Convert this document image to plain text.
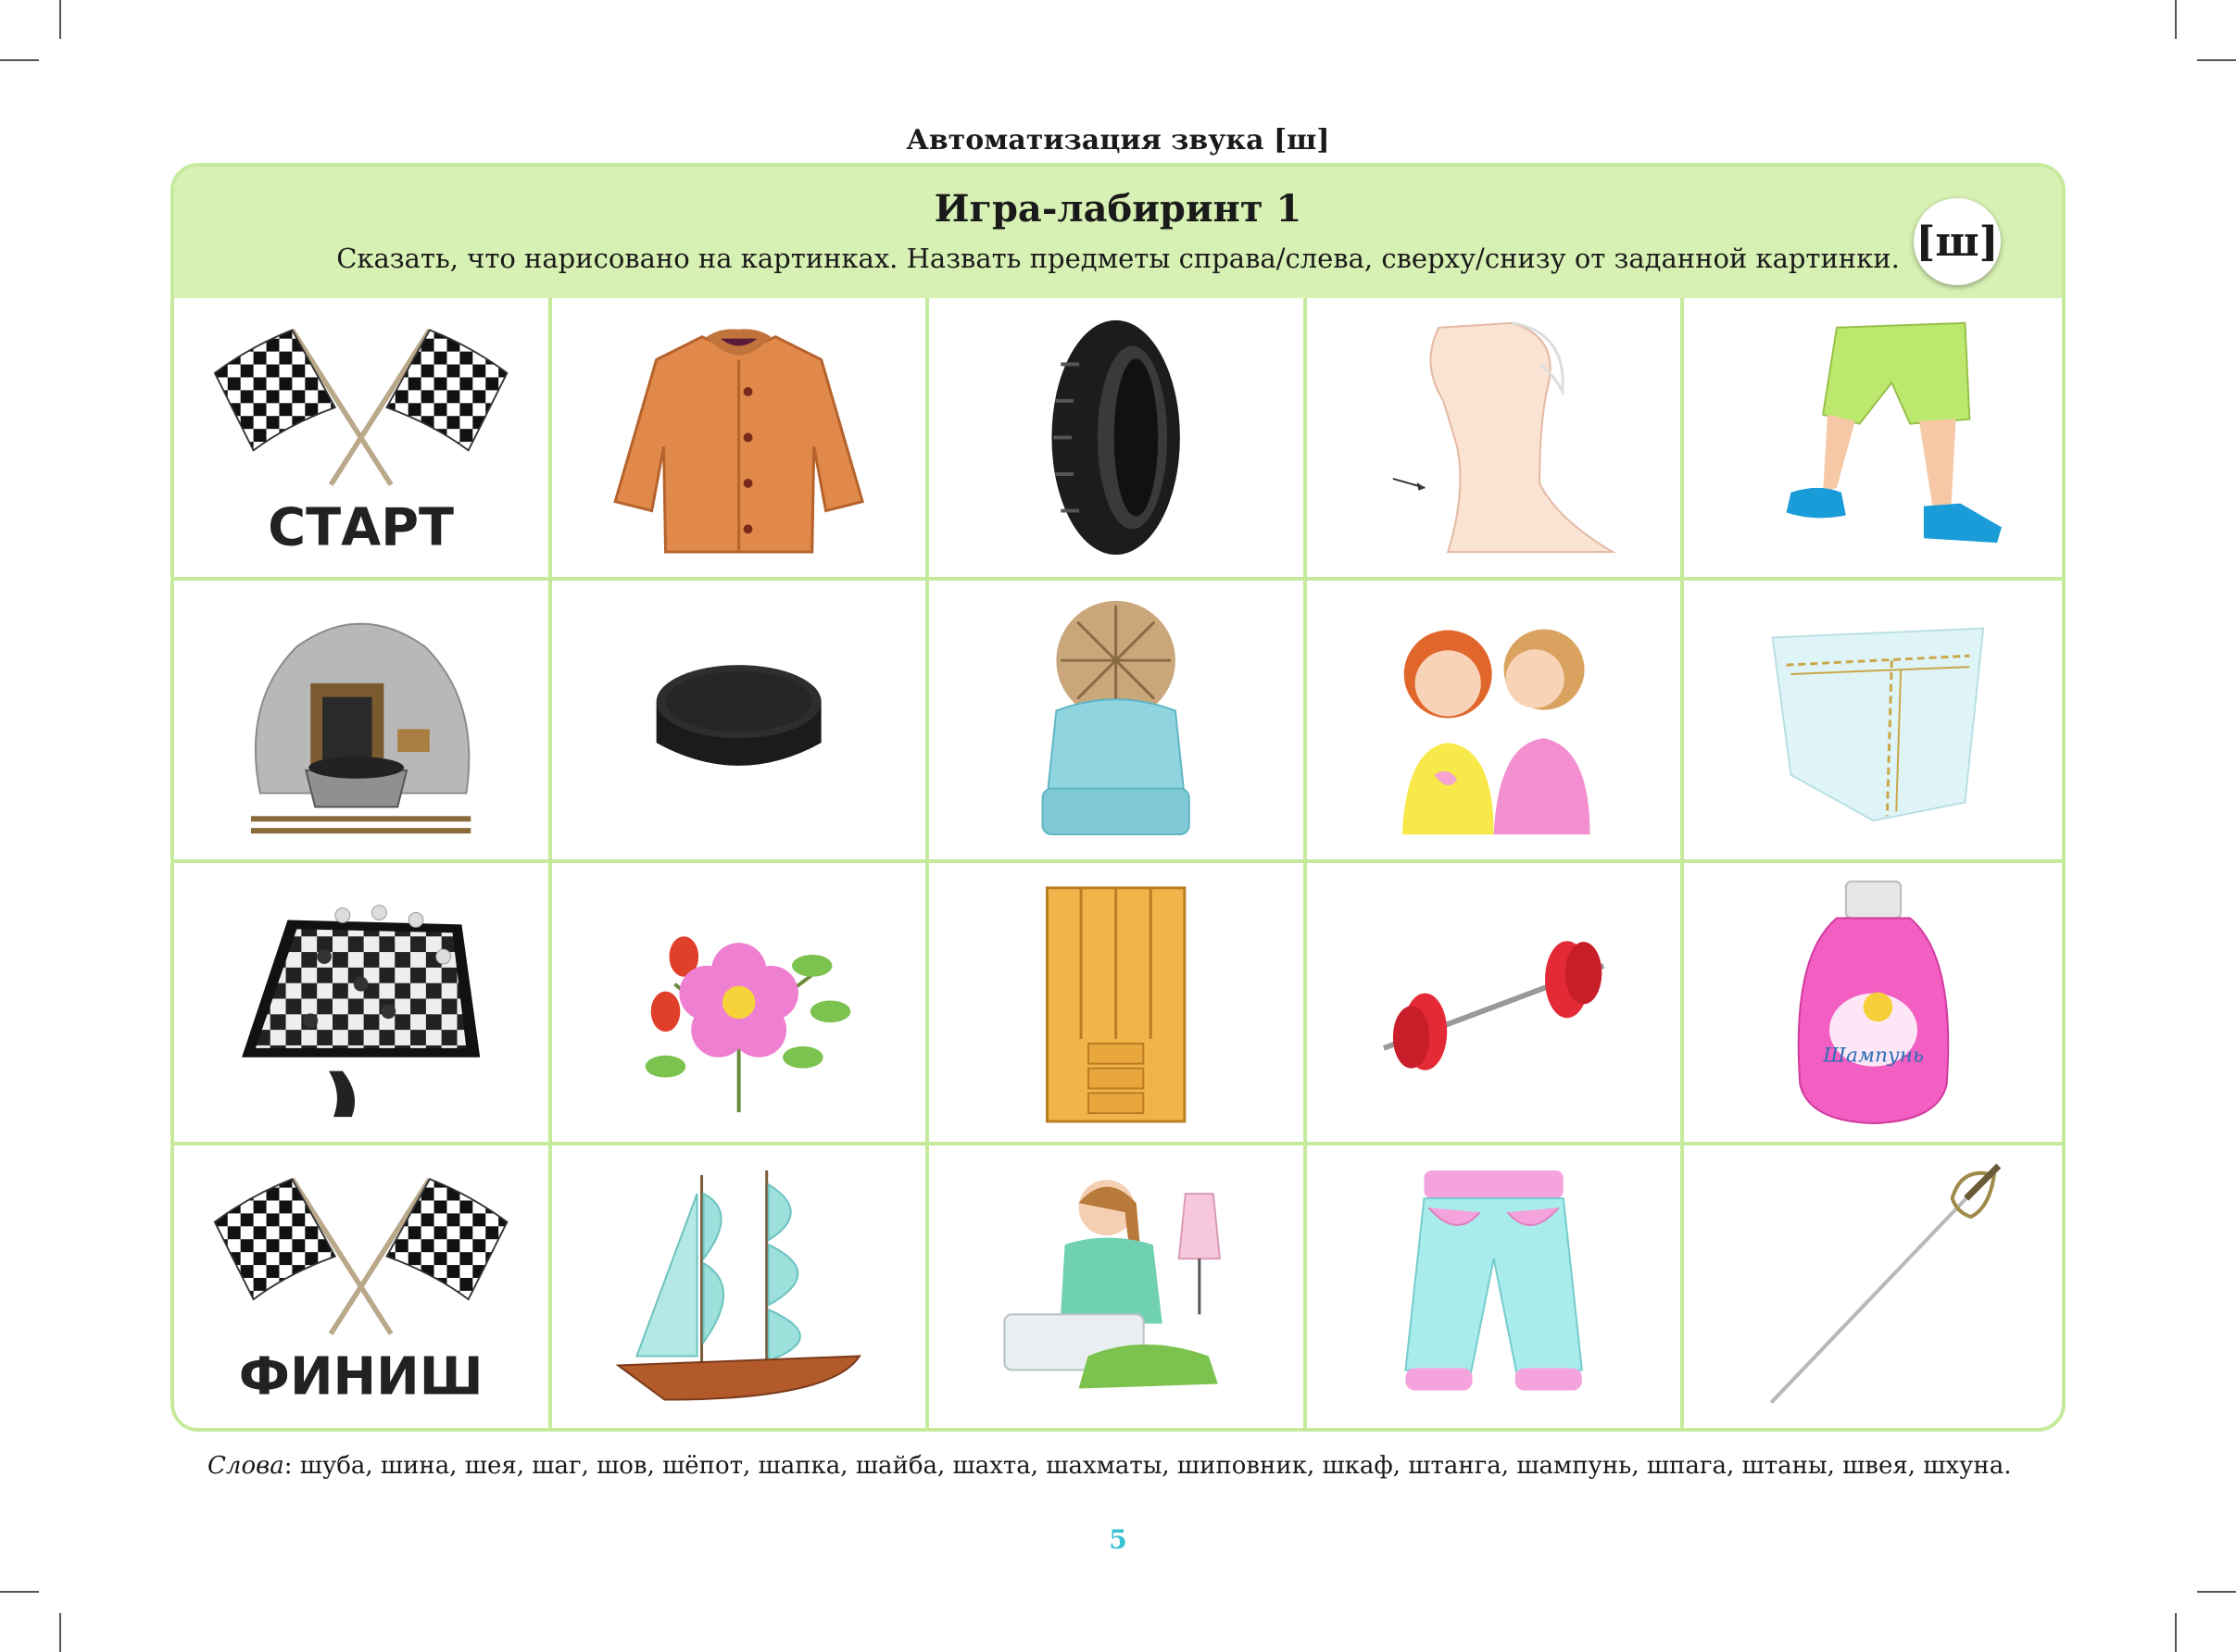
Автоматизация звука [ш]
Игра-лабиринт 1
Сказать, что нарисовано на картинках. Назвать предметы справа/слева, сверху/снизу от заданной картинки. [ш]
СТАРТ
Шампунь
ФИНИШ
Слова: шуба, шина, шея, шаг, шов, шёпот, шапка, шайба, шахта, шахматы, шиповник, шкаф, штанга, шампунь, шпага, штаны, швея, шхуна.
5
